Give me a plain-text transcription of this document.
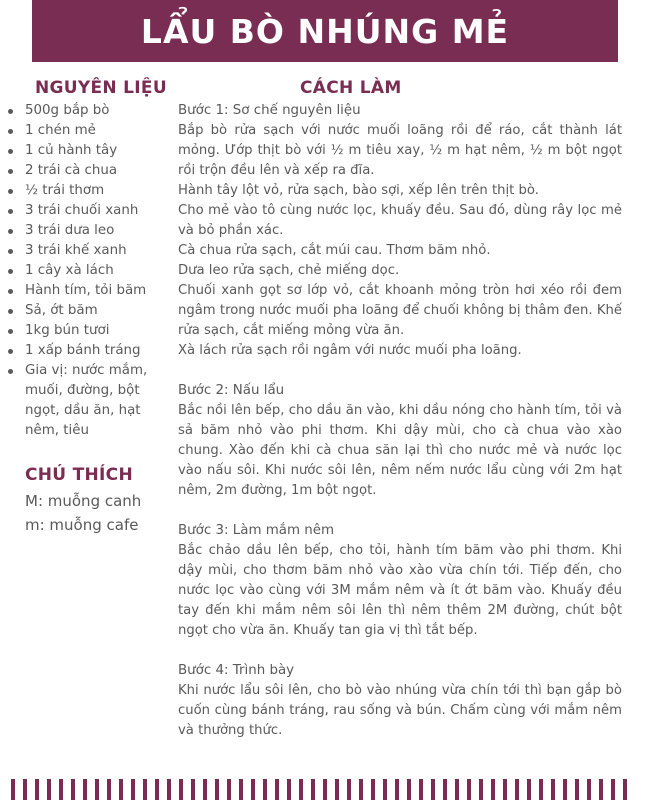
LẨU BÒ NHÚNG MẺ
NGUYÊN LIỆU
500g bắp bò
1 chén mẻ
1 củ hành tây
2 trái cà chua
½ trái thơm
3 trái chuối xanh
3 trái dưa leo
3 trái khế xanh
1 cây xà lách
Hành tím, tỏi băm
Sả, ớt băm
1kg bún tươi
1 xấp bánh tráng
Gia vị: nước mắm, muối, đường, bột ngọt, dầu ăn, hạt nêm, tiêu
CHÚ THÍCH
M: muỗng canh
m: muỗng cafe
CÁCH LÀM
Bước 1: Sơ chế nguyên liệu

Bắp bò rửa sạch với nước muối loãng rồi để ráo, cắt thành lát mỏng. Ướp thịt bò với ½ m tiêu xay, ½ m hạt nêm, ½ m bột ngọt rồi trộn đều lên và xếp ra đĩa.

Hành tây lột vỏ, rửa sạch, bào sợi, xếp lên trên thịt bò.

Cho mẻ vào tô cùng nước lọc, khuấy đều. Sau đó, dùng rây lọc mẻ và bỏ phần xác.

Cà chua rửa sạch, cắt múi cau. Thơm băm nhỏ.

Dưa leo rửa sạch, chẻ miếng dọc.

Chuối xanh gọt sơ lớp vỏ, cắt khoanh mỏng tròn hơi xéo rồi đem ngâm trong nước muối pha loãng để chuối không bị thâm đen. Khế rửa sạch, cắt miếng mỏng vừa ăn.

Xà lách rửa sạch rồi ngâm với nước muối pha loãng.

Bước 2: Nấu lẩu

Bắc nồi lên bếp, cho dầu ăn vào, khi dầu nóng cho hành tím, tỏi và sả băm nhỏ vào phi thơm. Khi dậy mùi, cho cà chua vào xào chung. Xào đến khi cà chua săn lại thì cho nước mẻ và nước lọc vào nấu sôi. Khi nước sôi lên, nêm nếm nước lẩu cùng với 2m hạt nêm, 2m đường, 1m bột ngọt.

Bước 3: Làm mắm nêm

Bắc chảo dầu lên bếp, cho tỏi, hành tím băm vào phi thơm. Khi dậy mùi, cho thơm băm nhỏ vào xào vừa chín tới. Tiếp đến, cho nước lọc vào cùng với 3M mắm nêm và ít ớt băm vào. Khuấy đều tay đến khi mắm nêm sôi lên thì nêm thêm 2M đường, chút bột ngọt cho vừa ăn. Khuấy tan gia vị thì tắt bếp.

Bước 4: Trình bày

Khi nước lẩu sôi lên, cho bò vào nhúng vừa chín tới thì bạn gắp bò cuốn cùng bánh tráng, rau sống và bún. Chấm cùng với mắm nêm và thưởng thức.
